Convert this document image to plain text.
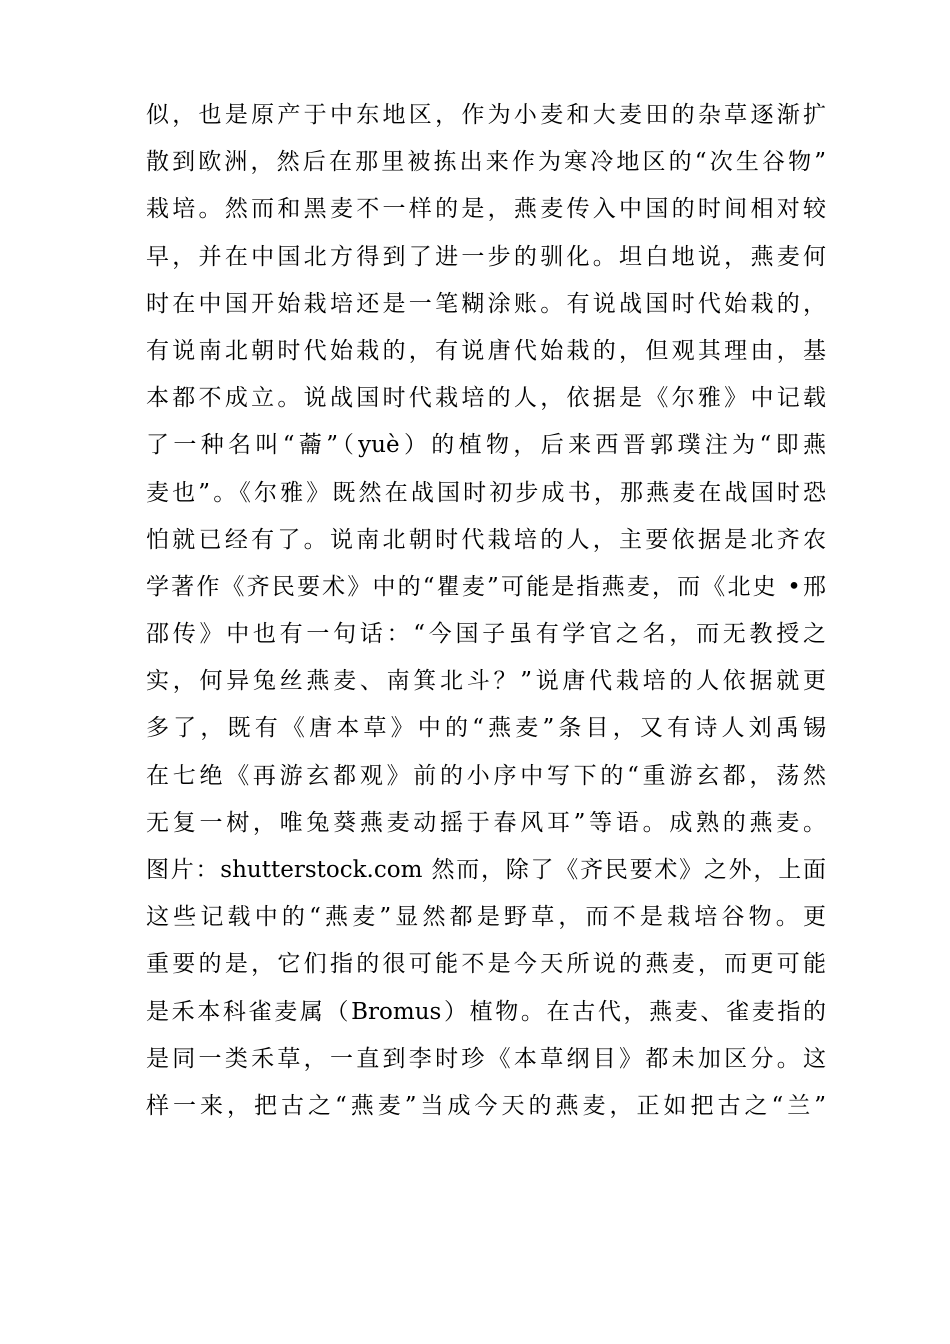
似，也是原产于中东地区，作为小麦和大麦田的杂草逐渐扩
散到欧洲，然后在那里被拣出来作为寒冷地区的“次生谷物”
栽培。然而和黑麦不一样的是，燕麦传入中国的时间相对较
早，并在中国北方得到了进一步的驯化。坦白地说，燕麦何
时在中国开始栽培还是一笔糊涂账。有说战国时代始栽的，
有说南北朝时代始栽的，有说唐代始栽的，但观其理由，基
本都不成立。说战国时代栽培的人，依据是《尔雅》中记载
了一种名叫“蘥”（yuè）的植物，后来西晋郭璞注为“即燕
麦也”。《尔雅》既然在战国时初步成书，那燕麦在战国时恐
怕就已经有了。说南北朝时代栽培的人，主要依据是北齐农
学著作《齐民要术》中的“瞿麦”可能是指燕麦，而《北史 •邢
邵传》中也有一句话：“今国子虽有学官之名，而无教授之
实，何异兔丝燕麦、南箕北斗？”说唐代栽培的人依据就更
多了，既有《唐本草》中的“燕麦”条目，又有诗人刘禹锡
在七绝《再游玄都观》前的小序中写下的“重游玄都，荡然
无复一树，唯兔葵燕麦动摇于春风耳”等语。成熟的燕麦。
图片：shutterstock.com 然而，除了《齐民要术》之外，上面
这些记载中的“燕麦”显然都是野草，而不是栽培谷物。更
重要的是，它们指的很可能不是今天所说的燕麦，而更可能
是禾本科雀麦属（Bromus）植物。在古代，燕麦、雀麦指的
是同一类禾草，一直到李时珍《本草纲目》都未加区分。这
样一来，把古之“燕麦”当成今天的燕麦，正如把古之“兰”
